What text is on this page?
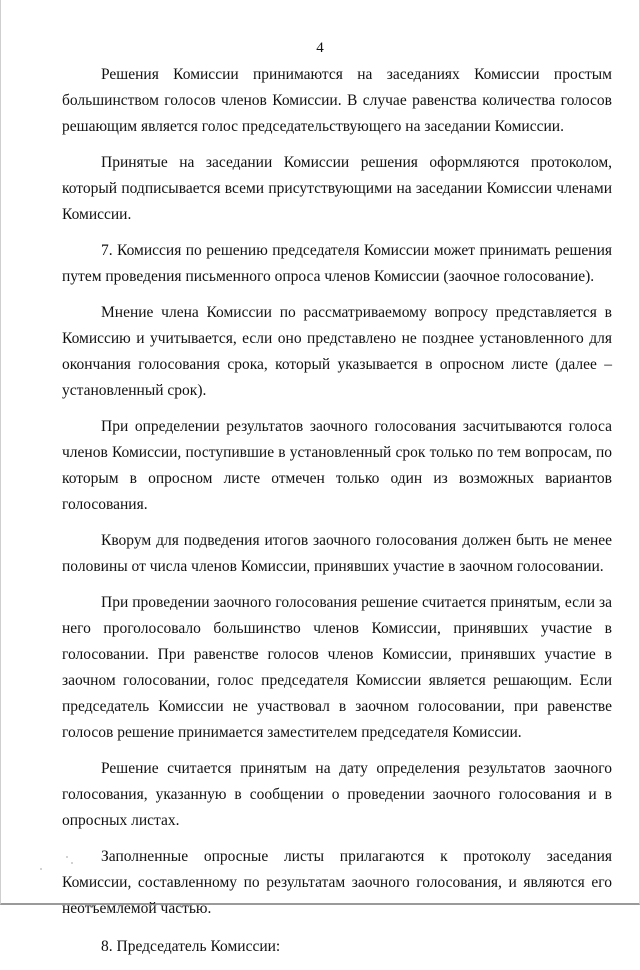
4

Решения Комиссии принимаются на заседаниях Комиссии простым большинством голосов членов Комиссии. В случае равенства количества голосов решающим является голос председательствующего на заседании Комиссии.

Принятые на заседании Комиссии решения оформляются протоколом, который подписывается всеми присутствующими на заседании Комиссии членами Комиссии.

7. Комиссия по решению председателя Комиссии может принимать решения путем проведения письменного опроса членов Комиссии (заочное голосование).

Мнение члена Комиссии по рассматриваемому вопросу представляется в Комиссию и учитывается, если оно представлено не позднее установленного для окончания голосования срока, который указывается в опросном листе (далее – установленный срок).

При определении результатов заочного голосования засчитываются голоса членов Комиссии, поступившие в установленный срок только по тем вопросам, по которым в опросном листе отмечен только один из возможных вариантов голосования.

Кворум для подведения итогов заочного голосования должен быть не менее половины от числа членов Комиссии, принявших участие в заочном голосовании.

При проведении заочного голосования решение считается принятым, если за него проголосовало большинство членов Комиссии, принявших участие в голосовании. При равенстве голосов членов Комиссии, принявших участие в заочном голосовании, голос председателя Комиссии является решающим. Если председатель Комиссии не участвовал в заочном голосовании, при равенстве голосов решение принимается заместителем председателя Комиссии.

Решение считается принятым на дату определения результатов заочного голосования, указанную в сообщении о проведении заочного голосования и в опросных листах.

Заполненные опросные листы прилагаются к протоколу заседания Комиссии, составленному по результатам заочного голосования, и являются его неотъемлемой частью.

8. Председатель Комиссии:
